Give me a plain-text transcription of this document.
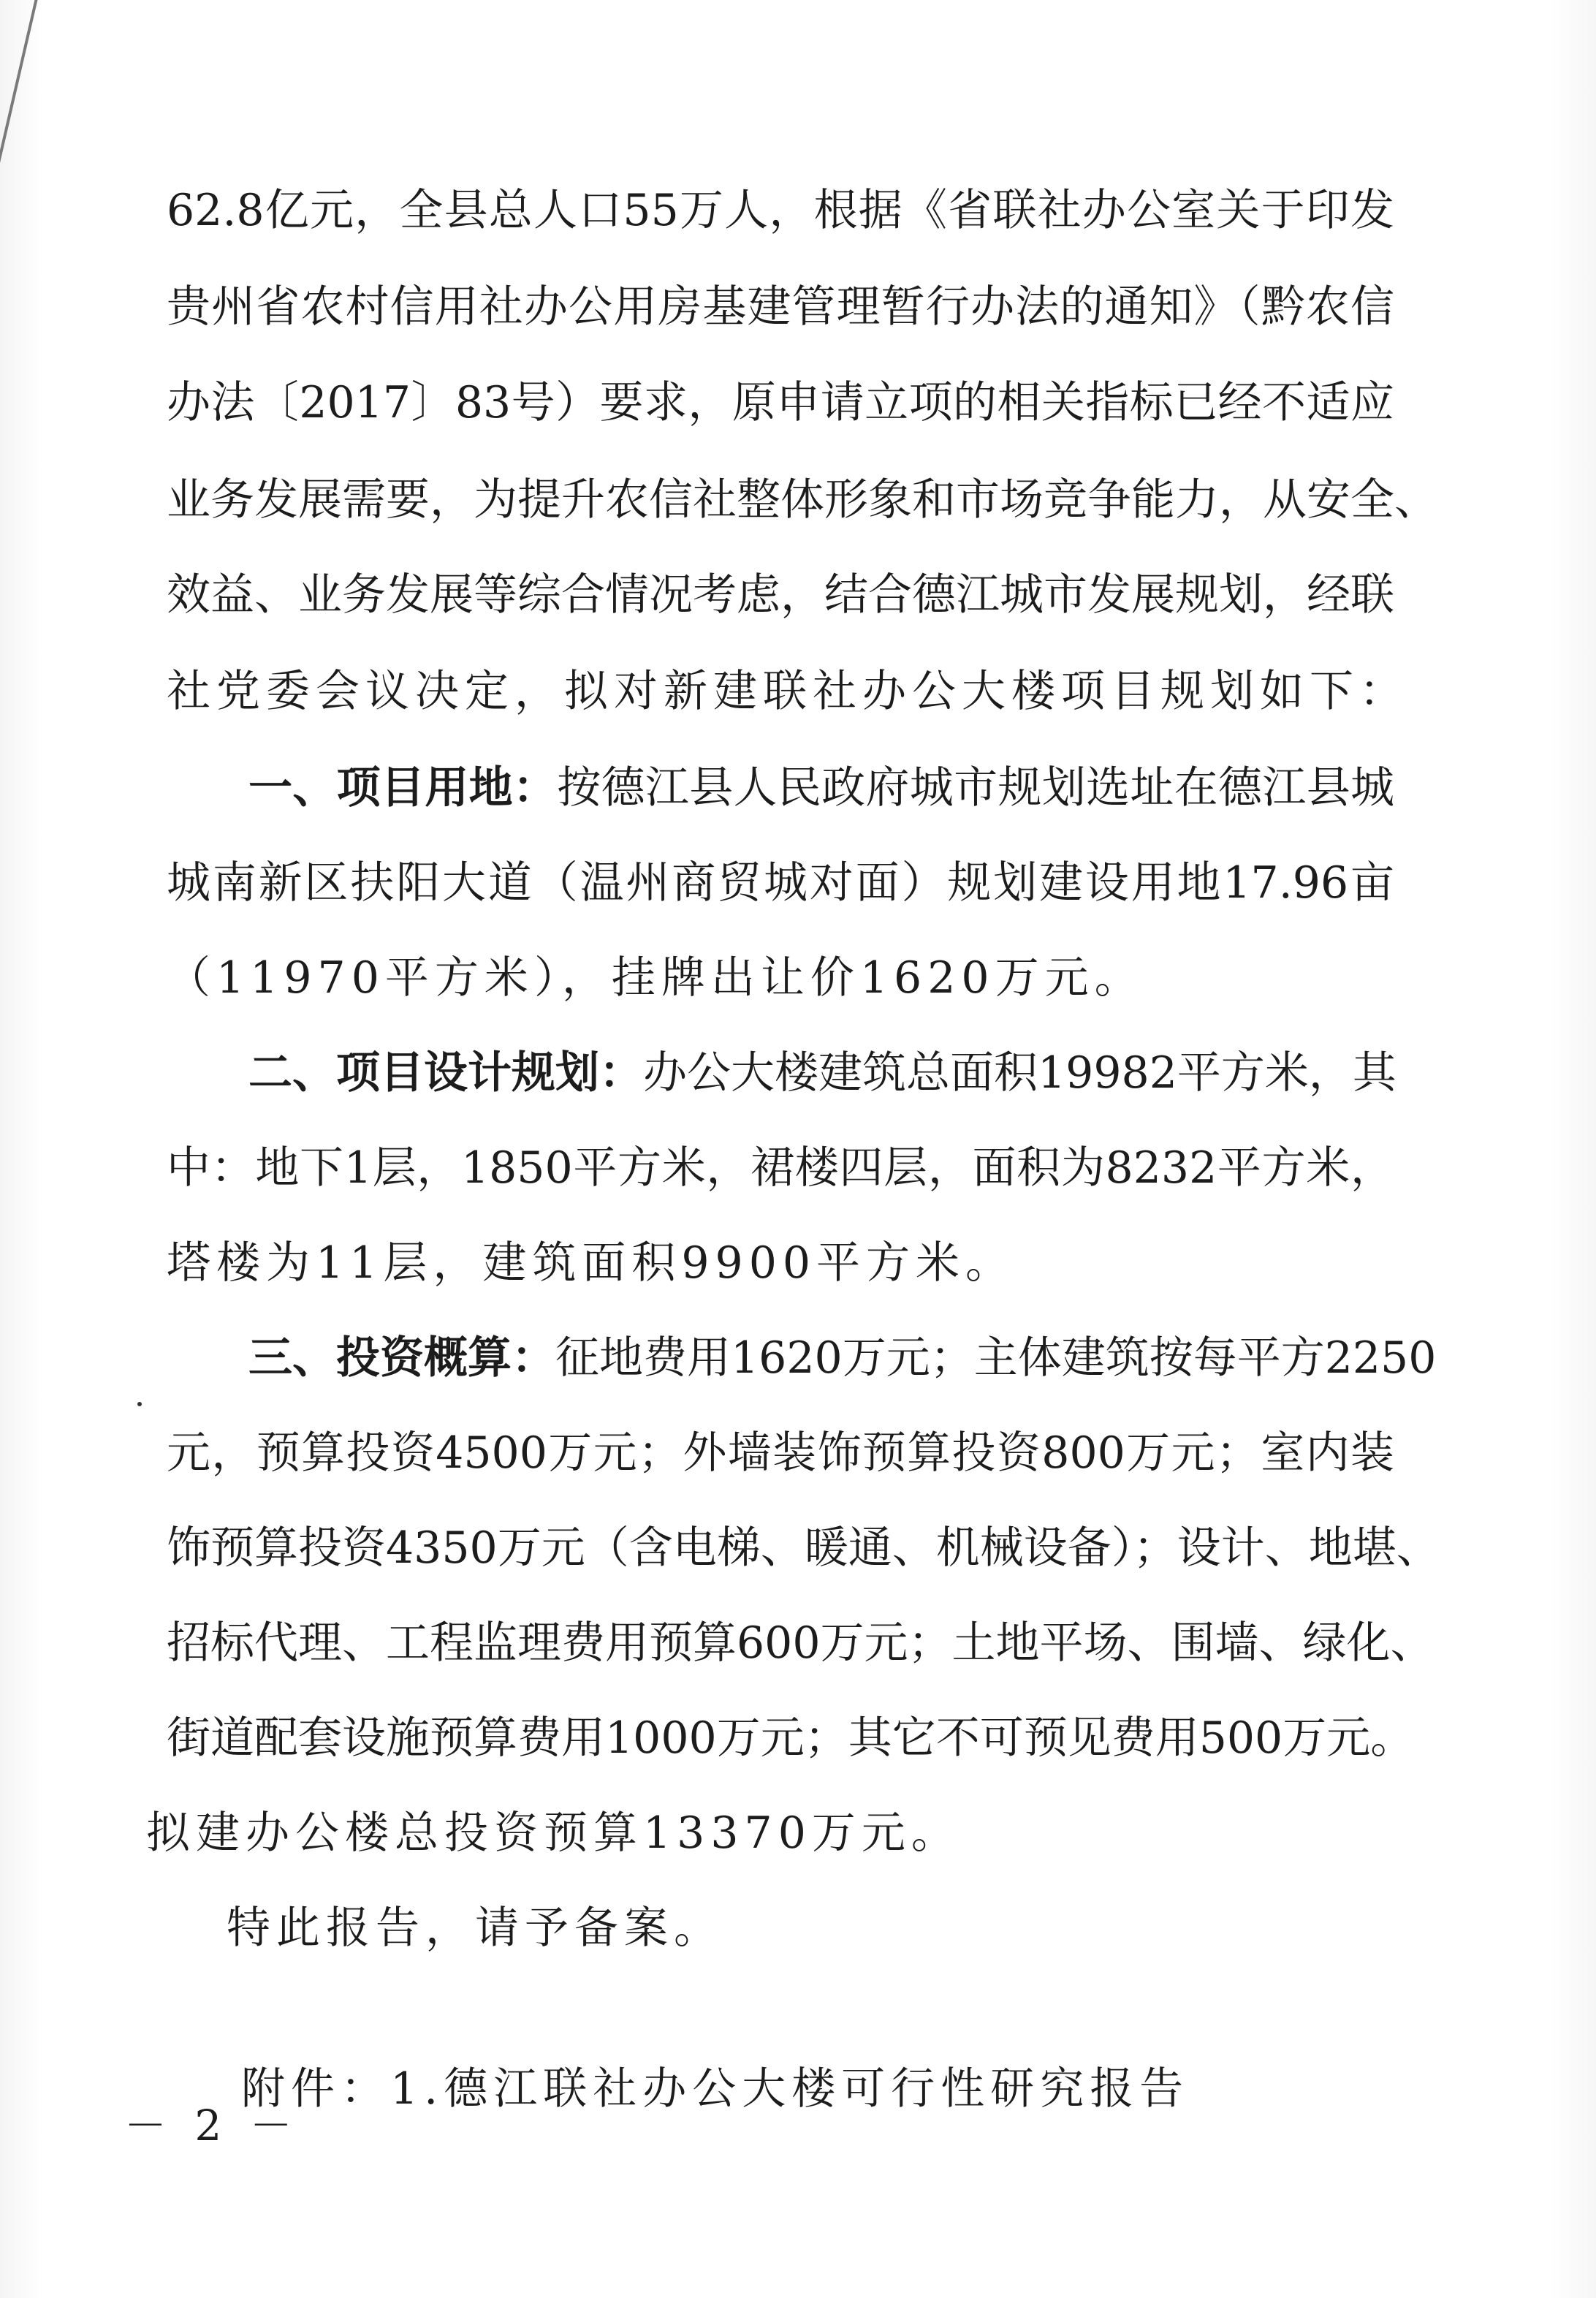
62.8亿元，全县总人口55万人，根据《省联社办公室关于印发
贵州省农村信用社办公用房基建管理暂行办法的通知》（黔农信
办法〔2017〕83号）要求，原申请立项的相关指标已经不适应
业务发展需要，为提升农信社整体形象和市场竞争能力，从安全、
效益、业务发展等综合情况考虑，结合德江城市发展规划，经联
社党委会议决定，拟对新建联社办公大楼项目规划如下：
一、项目用地：按德江县人民政府城市规划选址在德江县城
城南新区扶阳大道（温州商贸城对面）规划建设用地17.96亩
（11970平方米），挂牌出让价1620万元。
二、项目设计规划：办公大楼建筑总面积19982平方米，其
中：地下1层，1850平方米，裙楼四层，面积为8232平方米，
塔楼为11层，建筑面积9900平方米。
三、投资概算：征地费用1620万元；主体建筑按每平方2250
元，预算投资4500万元；外墙装饰预算投资800万元；室内装
饰预算投资4350万元（含电梯、暖通、机械设备）；设计、地堪、
招标代理、工程监理费用预算600万元；土地平场、围墙、绿化、
街道配套设施预算费用1000万元；其它不可预见费用500万元。
拟建办公楼总投资预算13370万元。
特此报告，请予备案。
附件：1.德江联社办公大楼可行性研究报告
－ 2 －
